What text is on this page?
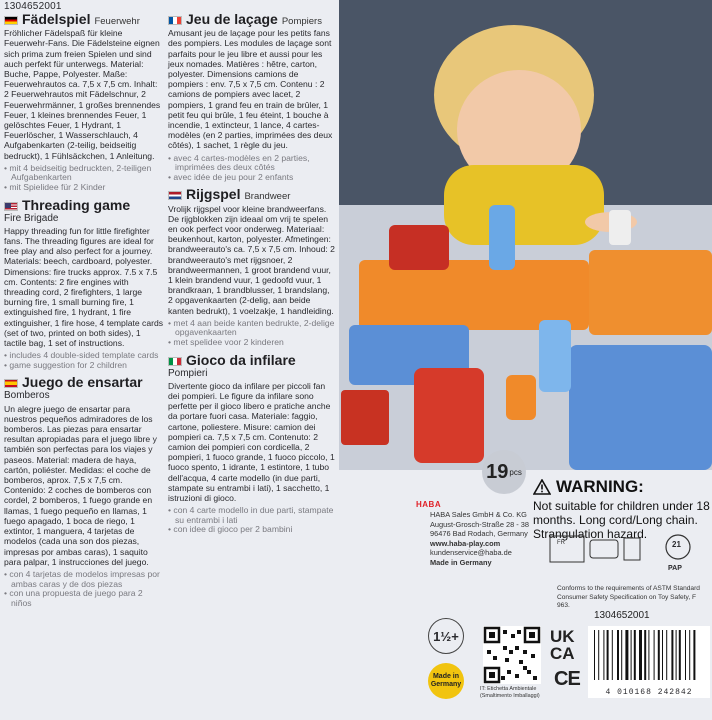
1304652001
Fädelspiel Feuerwehr
Fröhlicher Fädelspaß für kleine Feuerwehr-Fans. Die Fädelsteine eignen sich prima zum freien Spielen und sind auch perfekt für unterwegs. Material: Buche, Pappe, Polyester. Maße: Feuerwehrautos ca. 7,5 x 7,5 cm. Inhalt: 2 Feuerwehrautos mit Fädelschnur, 2 Feuerwehrmänner, 1 großes brennendes Feuer, 1 kleines brennendes Feuer, 1 gelöschtes Feuer, 1 Hydrant, 1 Feuerlöscher, 1 Wasserschlauch, 4 Aufgabenkarten (2-teilig, beidseitig bedruckt), 1 Fühlsäckchen, 1 Anleitung.
• mit 4 beidseitig bedruckten, 2-teiligen Aufgabenkarten
• mit Spielidee für 2 Kinder
Threading game
Fire Brigade
Happy threading fun for little firefighter fans. The threading figures are ideal for free play and also perfect for a journey. Materials: beech, cardboard, polyester. Dimensions: fire trucks approx. 7.5 x 7.5 cm. Contents: 2 fire engines with threading cord, 2 firefighters, 1 large burning fire, 1 small burning fire, 1 extinguished fire, 1 hydrant, 1 fire extinguisher, 1 fire hose, 4 template cards (set of two, printed on both sides), 1 tactile bag, 1 set of instructions.
• includes 4 double-sided template cards
• game suggestion for 2 children
Juego de ensartar
Bomberos
Un alegre juego de ensartar para nuestros pequeños admiradores de los bomberos. Las piezas para ensartar resultan apropiadas para el juego libre y también son perfectas para los viajes y paseos. Material: madera de haya, cartón, poliéster. Medidas: el coche de bomberos, aprox. 7,5 x 7,5 cm. Contenido: 2 coches de bomberos con cordel, 2 bomberos, 1 fuego grande en llamas, 1 fuego pequeño en llamas, 1 fuego apagado, 1 boca de riego, 1 extintor, 1 manguera, 4 tarjetas de modelos (cada una son dos piezas, impresas por ambas caras), 1 saquito para palpar, 1 instrucciones del juego.
• con 4 tarjetas de modelos impresas por ambas caras y de dos piezas
• con una propuesta de juego para 2 niños
Jeu de laçage Pompiers
Amusant jeu de laçage pour les petits fans des pompiers. Les modules de laçage sont parfaits pour le jeu libre et aussi pour les jeux nomades. Matières : hêtre, carton, polyester. Dimensions camions de pompiers : env. 7,5 x 7,5 cm. Contenu : 2 camions de pompiers avec lacet, 2 pompiers, 1 grand feu en train de brûler, 1 petit feu qui brûle, 1 feu éteint, 1 bouche à incendie, 1 extincteur, 1 lance, 4 cartes-modèles (en 2 parties, imprimées des deux côtés), 1 sachet, 1 règle du jeu.
• avec 4 cartes-modèles en 2 parties, imprimées des deux côtés
• avec idée de jeu pour 2 enfants
Rijgspel Brandweer
Vrolijk rijgspel voor kleine brandweerfans. De rijgblokken zijn ideaal om vrij te spelen en ook perfect voor onderweg. Materiaal: beukenhout, karton, polyester. Afmetingen: brandweerauto's ca. 7,5 x 7,5 cm. Inhoud: 2 brandweerauto's met rijgsnoer, 2 brandweermannen, 1 groot brandend vuur, 1 klein brandend vuur, 1 gedoofd vuur, 1 brandkraan, 1 brandblusser, 1 brandslang, 2 opgavenkaarten (2-delig, aan beide kanten bedrukt), 1 voelzakje, 1 handleiding.
• met 4 aan beide kanten bedrukte, 2-delige opgavenkaarten
• met spelidee voor 2 kinderen
Gioco da infilare
Pompieri
Divertente gioco da infilare per piccoli fan dei pompieri. Le figure da infilare sono perfette per il gioco libero e pratiche anche da portare fuori casa. Materiale: faggio, cartone, poliestere. Misure: camion dei pompieri ca. 7,5 x 7,5 cm. Contenuto: 2 camion dei pompieri con cordicella, 2 pompieri, 1 fuoco grande, 1 fuoco piccolo, 1 fuoco spento, 1 idrante, 1 estintore, 1 tubo dell'acqua, 4 carte modello (in due parti, stampate su entrambi i lati), 1 sacchetto, 1 istruzioni di gioco.
• con 4 carte modello in due parti, stampate su entrambi i lati
• con idee di gioco per 2 bambini
19 pcs
WARNING:
Not suitable for children under 18 months. Long cord/Long chain. Strangulation hazard.
HABA
HABA Sales GmbH & Co. KG
August-Grosch-Straße 28 - 38
96476 Bad Rodach, Germany
www.haba-play.com
kundenservice@haba.de
Made in Germany
FR	21
PAP
Conforms to the requirements of ASTM Standard Consumer Safety Specification on Toy Safety, F 963.
1304652001
1½+
Made in
Germany
IT: Etichetta Ambientale
(Smaltimento Imballaggi)
UK
CA
CE
4 010168 242842
